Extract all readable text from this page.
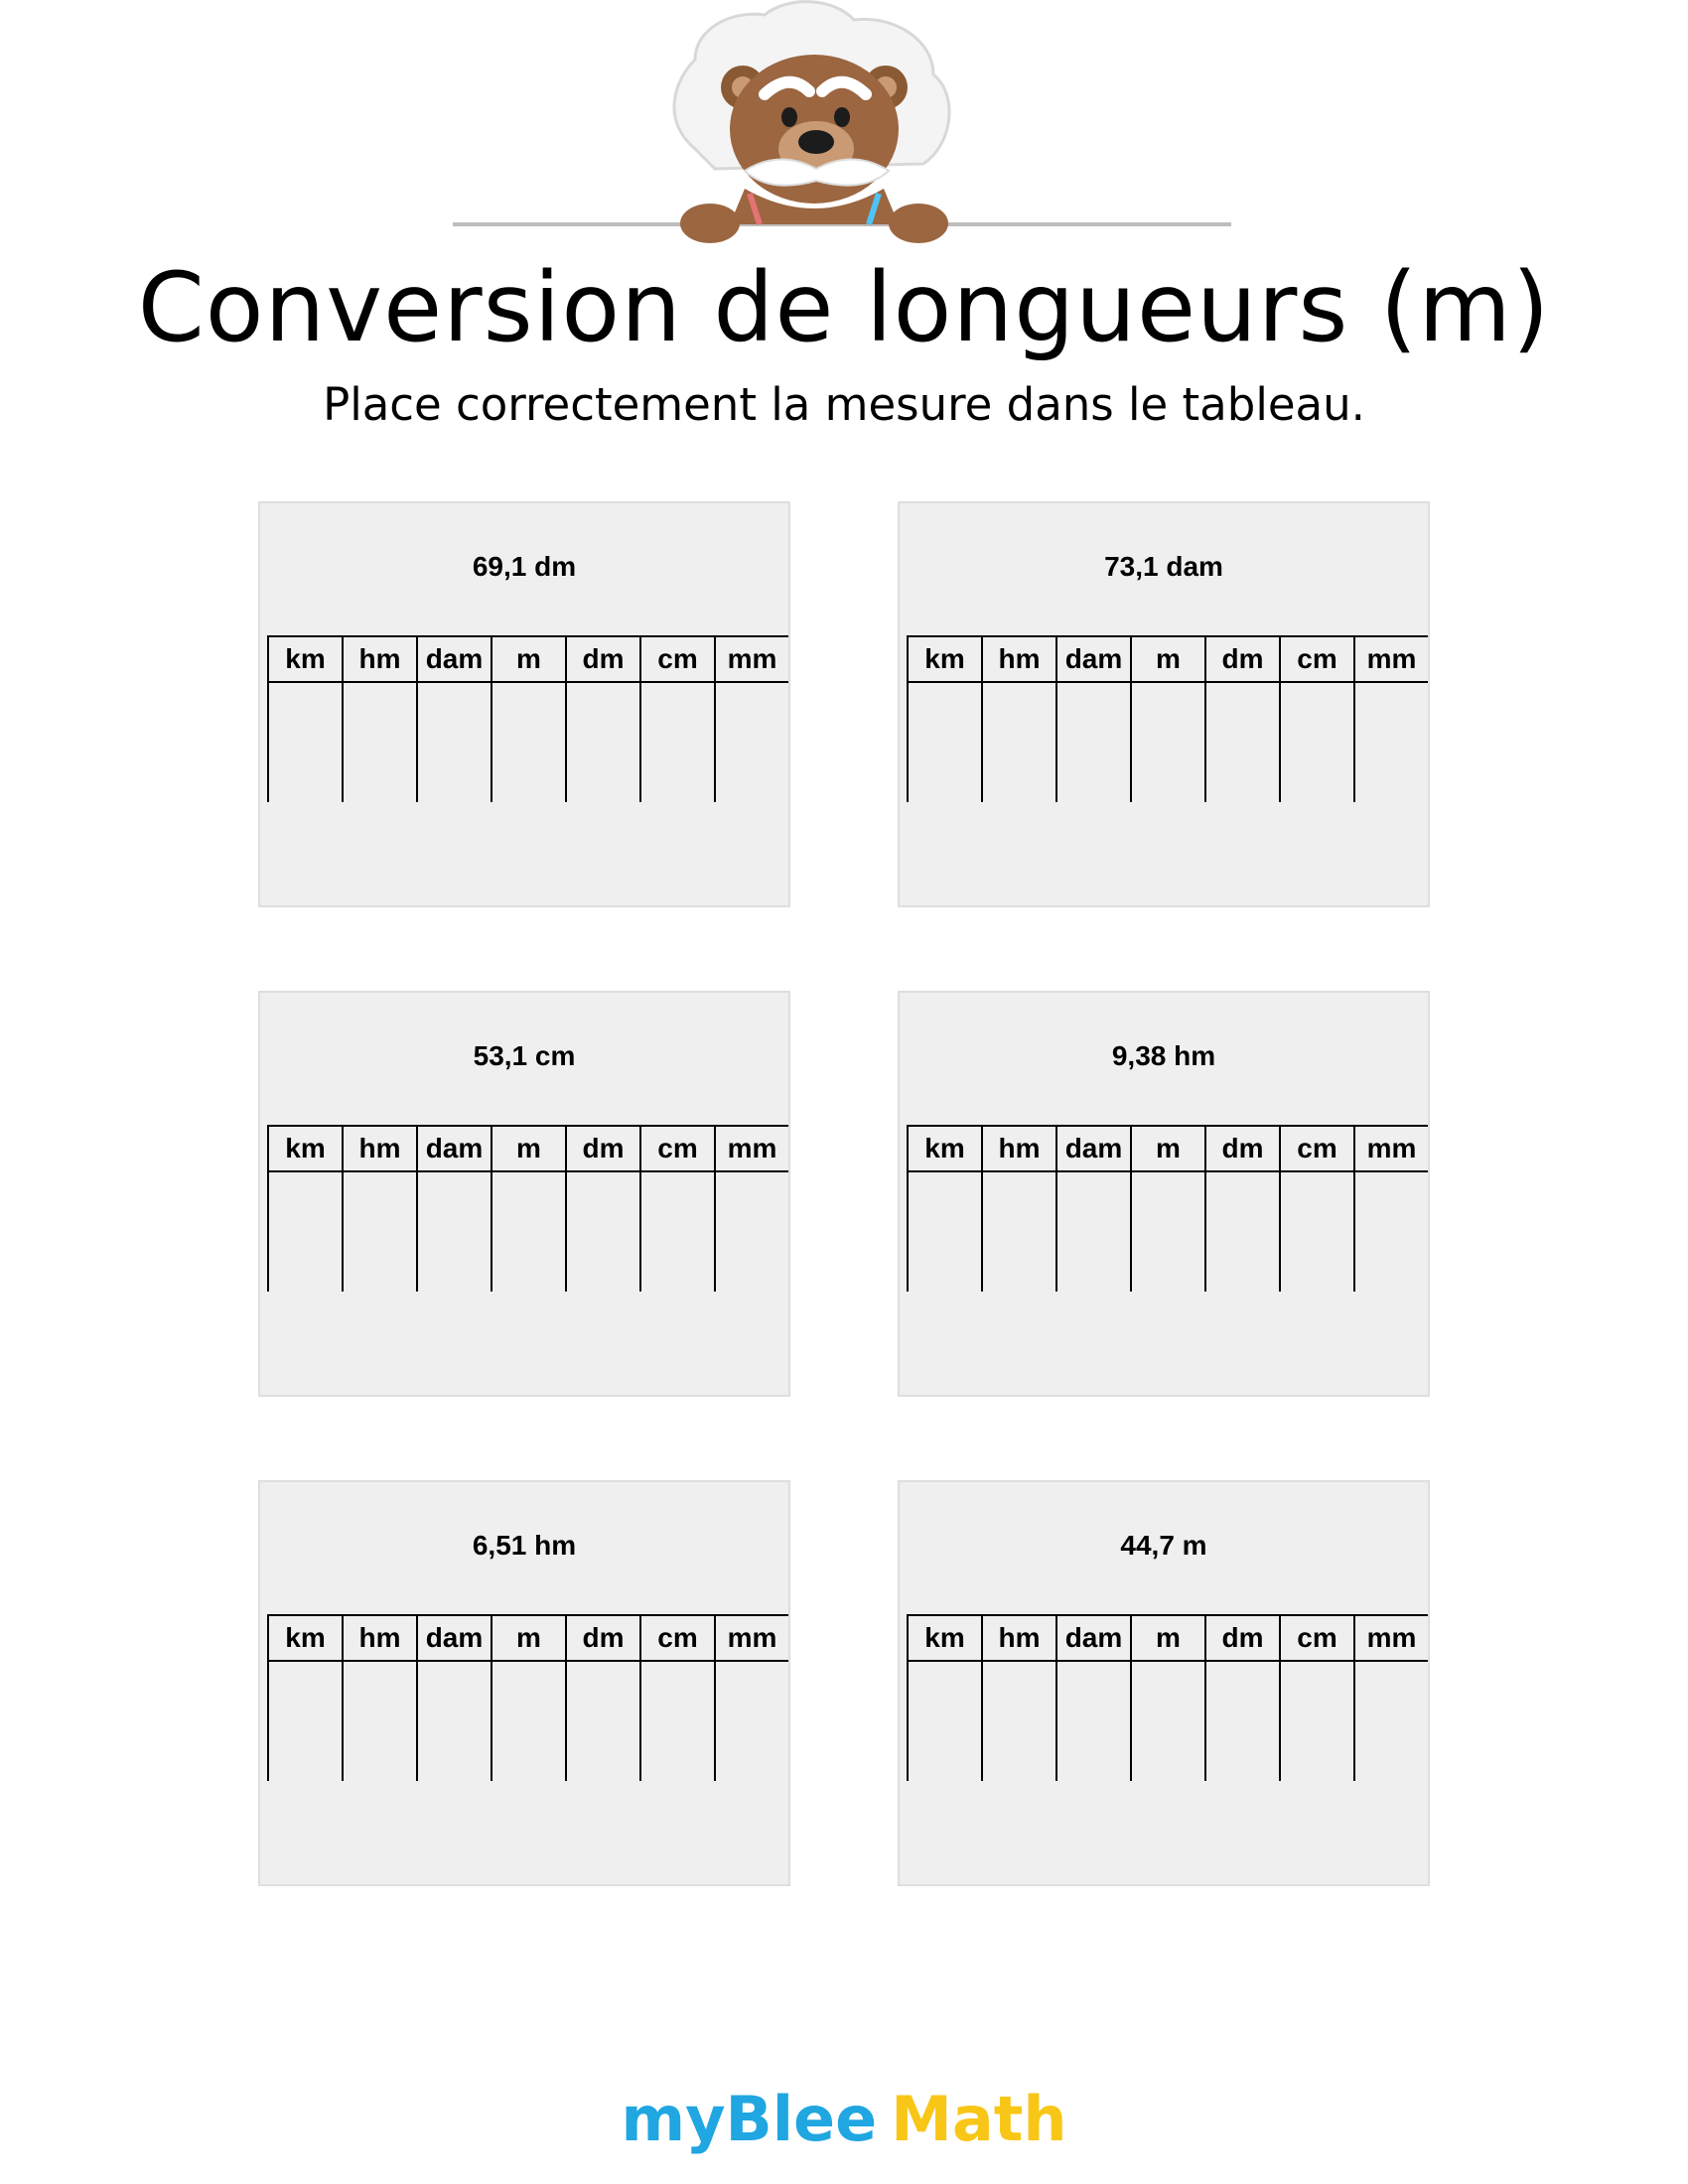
Conversion de longueurs (m)
Place correctement la mesure dans le tableau.
69,1 dm
km	hm dam	m	dm	cm	mm
73,1 dam
km	hm dam	m	dm	cm	mm
53,1 cm
km	hm dam	m	dm	cm	mm
9,38 hm
km	hm dam	m	dm	cm	mm
6,51 hm
km	hm dam	m	dm	cm	mm
44,7 m
km	hm dam	m	dm	cm	mm
myBlee Math
